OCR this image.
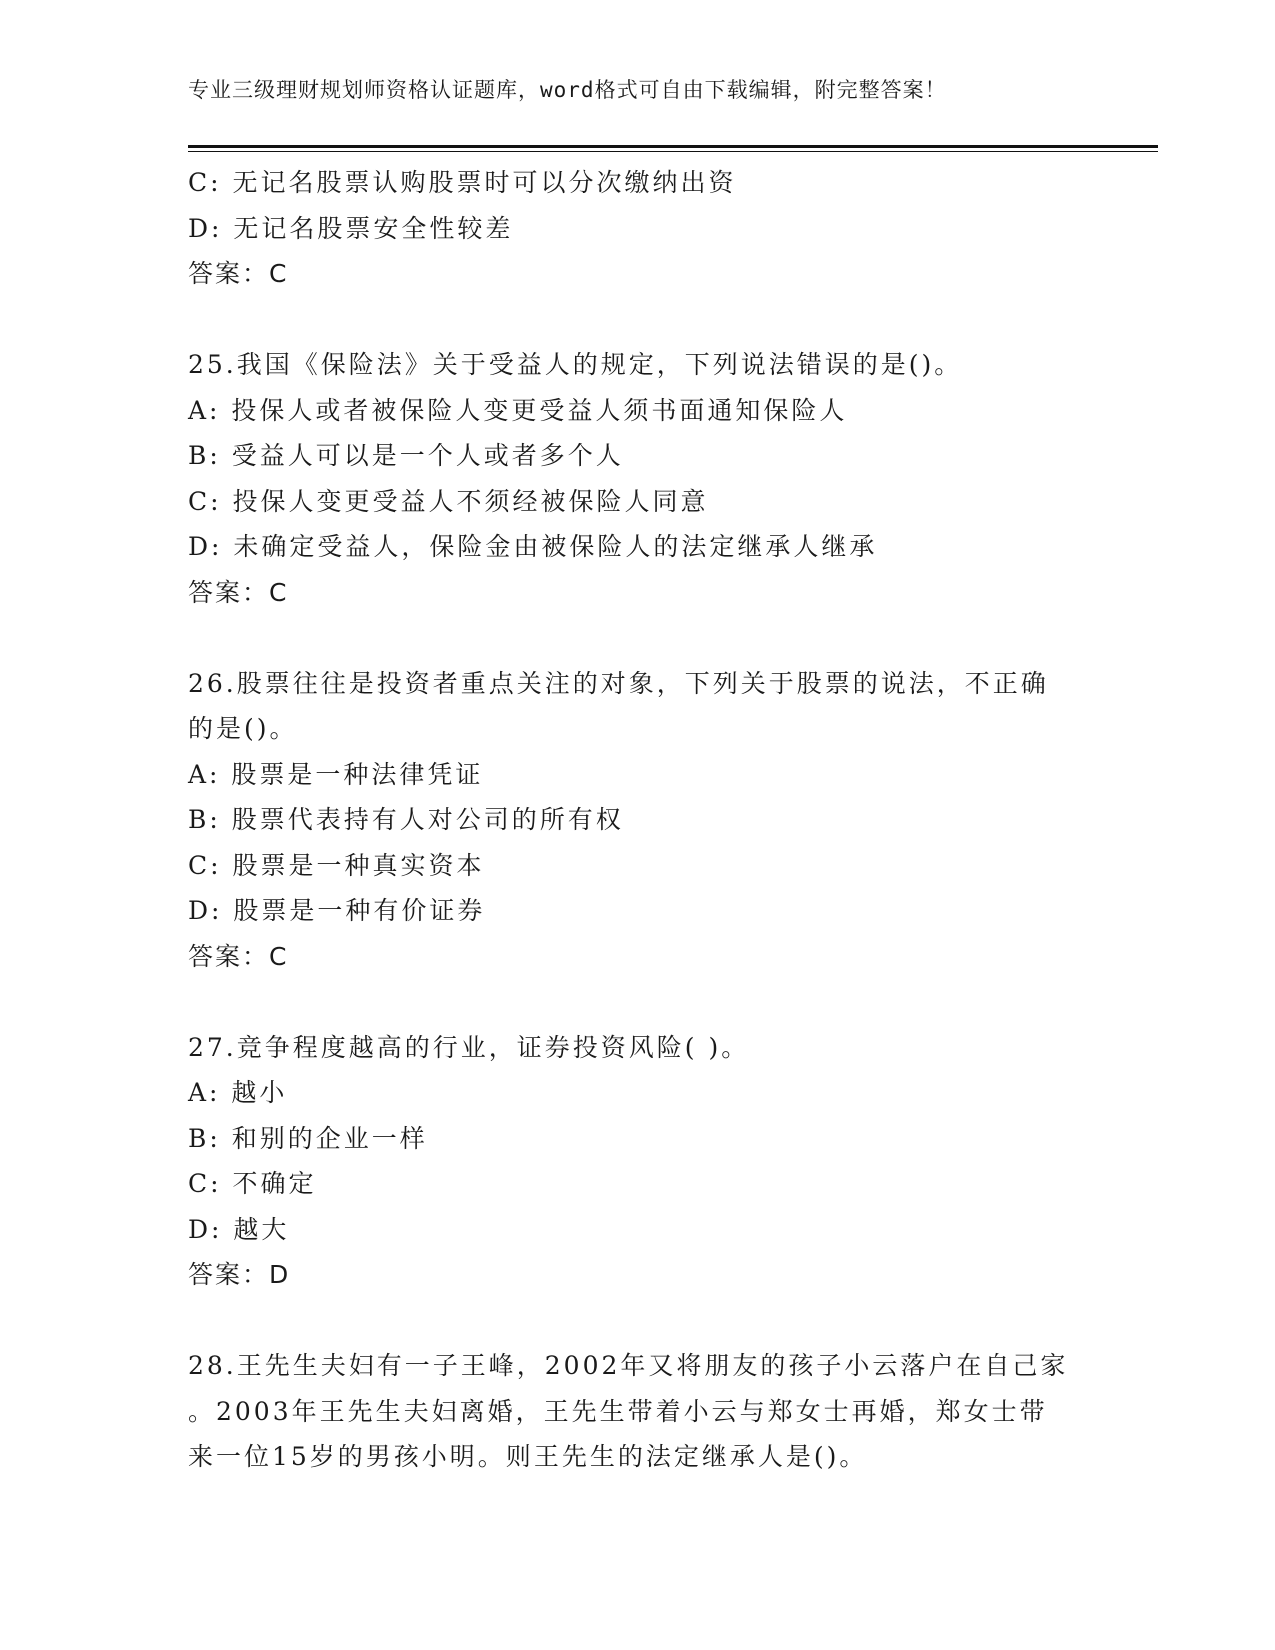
专业三级理财规划师资格认证题库，word格式可自由下载编辑，附完整答案！
C: 无记名股票认购股票时可以分次缴纳出资
D: 无记名股票安全性较差
答案：C
25.我国《保险法》关于受益人的规定，下列说法错误的是()。
A: 投保人或者被保险人变更受益人须书面通知保险人
B: 受益人可以是一个人或者多个人
C: 投保人变更受益人不须经被保险人同意
D: 未确定受益人，保险金由被保险人的法定继承人继承
答案：C
26.股票往往是投资者重点关注的对象，下列关于股票的说法，不正确
的是()。
A: 股票是一种法律凭证
B: 股票代表持有人对公司的所有权
C: 股票是一种真实资本
D: 股票是一种有价证券
答案：C
27.竞争程度越高的行业，证券投资风险( )。
A: 越小
B: 和别的企业一样
C: 不确定
D: 越大
答案：D
28.王先生夫妇有一子王峰，2002年又将朋友的孩子小云落户在自己家
。2003年王先生夫妇离婚，王先生带着小云与郑女士再婚，郑女士带
来一位15岁的男孩小明。则王先生的法定继承人是()。
